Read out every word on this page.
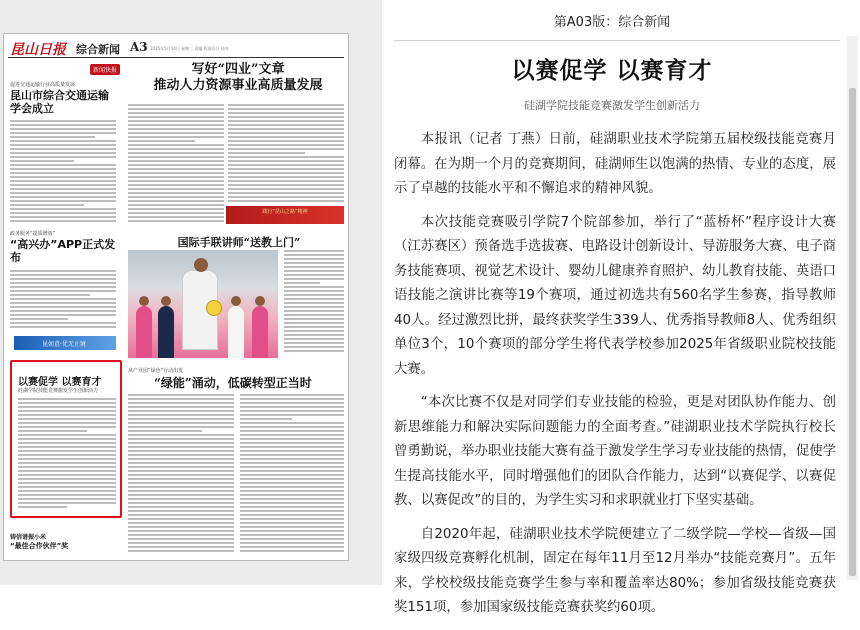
昆山日报 综合新闻 A3 2025年5月14日 星期三 责编 版面设计 校对
新闻快报
促进交通运输行业高质量发展
昆山市综合交通运输学会成立
政务服务“提质增效”
“高兴办”APP正式发布
昆如意·优无止境
写好“四业”文章
推动人力资源事业高质量发展
践行“昆山之路”精神
国际手联讲师“送教上门”
从产业园“绿色”行动出发
“绿能”涌动，低碳转型正当时
以赛促学 以赛育才
硅湖学院技能竞赛激发学生创新活力
铸信谱振小米
“最佳合作伙伴”奖
第A03版：综合新闻
以赛促学 以赛育才
硅湖学院技能竞赛激发学生创新活力

本报讯（记者 丁燕）日前，硅湖职业技术学院第五届校级技能竞赛月闭幕。在为期一个月的竞赛期间，硅湖师生以饱满的热情、专业的态度，展示了卓越的技能水平和不懈追求的精神风貌。

本次技能竞赛吸引学院7个院部参加，举行了“蓝桥杯”程序设计大赛（江苏赛区）预备选手选拔赛、电路设计创新设计、导游服务大赛、电子商务技能赛项、视觉艺术设计、婴幼儿健康养育照护、幼儿教育技能、英语口语技能之演讲比赛等19个赛项，通过初选共有560名学生参赛，指导教师40人。经过激烈比拼，最终获奖学生339人、优秀指导教师8人、优秀组织单位3个，10个赛项的部分学生将代表学校参加2025年省级职业院校技能大赛。

“本次比赛不仅是对同学们专业技能的检验，更是对团队协作能力、创新思维能力和解决实际问题能力的全面考查。”硅湖职业技术学院执行校长曾勇勤说，举办职业技能大赛有益于激发学生学习专业技能的热情，促使学生提高技能水平，同时增强他们的团队合作能力，达到“以赛促学、以赛促教、以赛促改”的目的，为学生实习和求职就业打下坚实基础。

自2020年起，硅湖职业技术学院便建立了二级学院—学校—省级—国家级四级竞赛孵化机制，固定在每年11月至12月举办“技能竞赛月”。五年来，学校校级技能竞赛学生参与率和覆盖率达80%；参加省级技能竞赛获奖151项，参加国家级技能竞赛获奖约60项。
